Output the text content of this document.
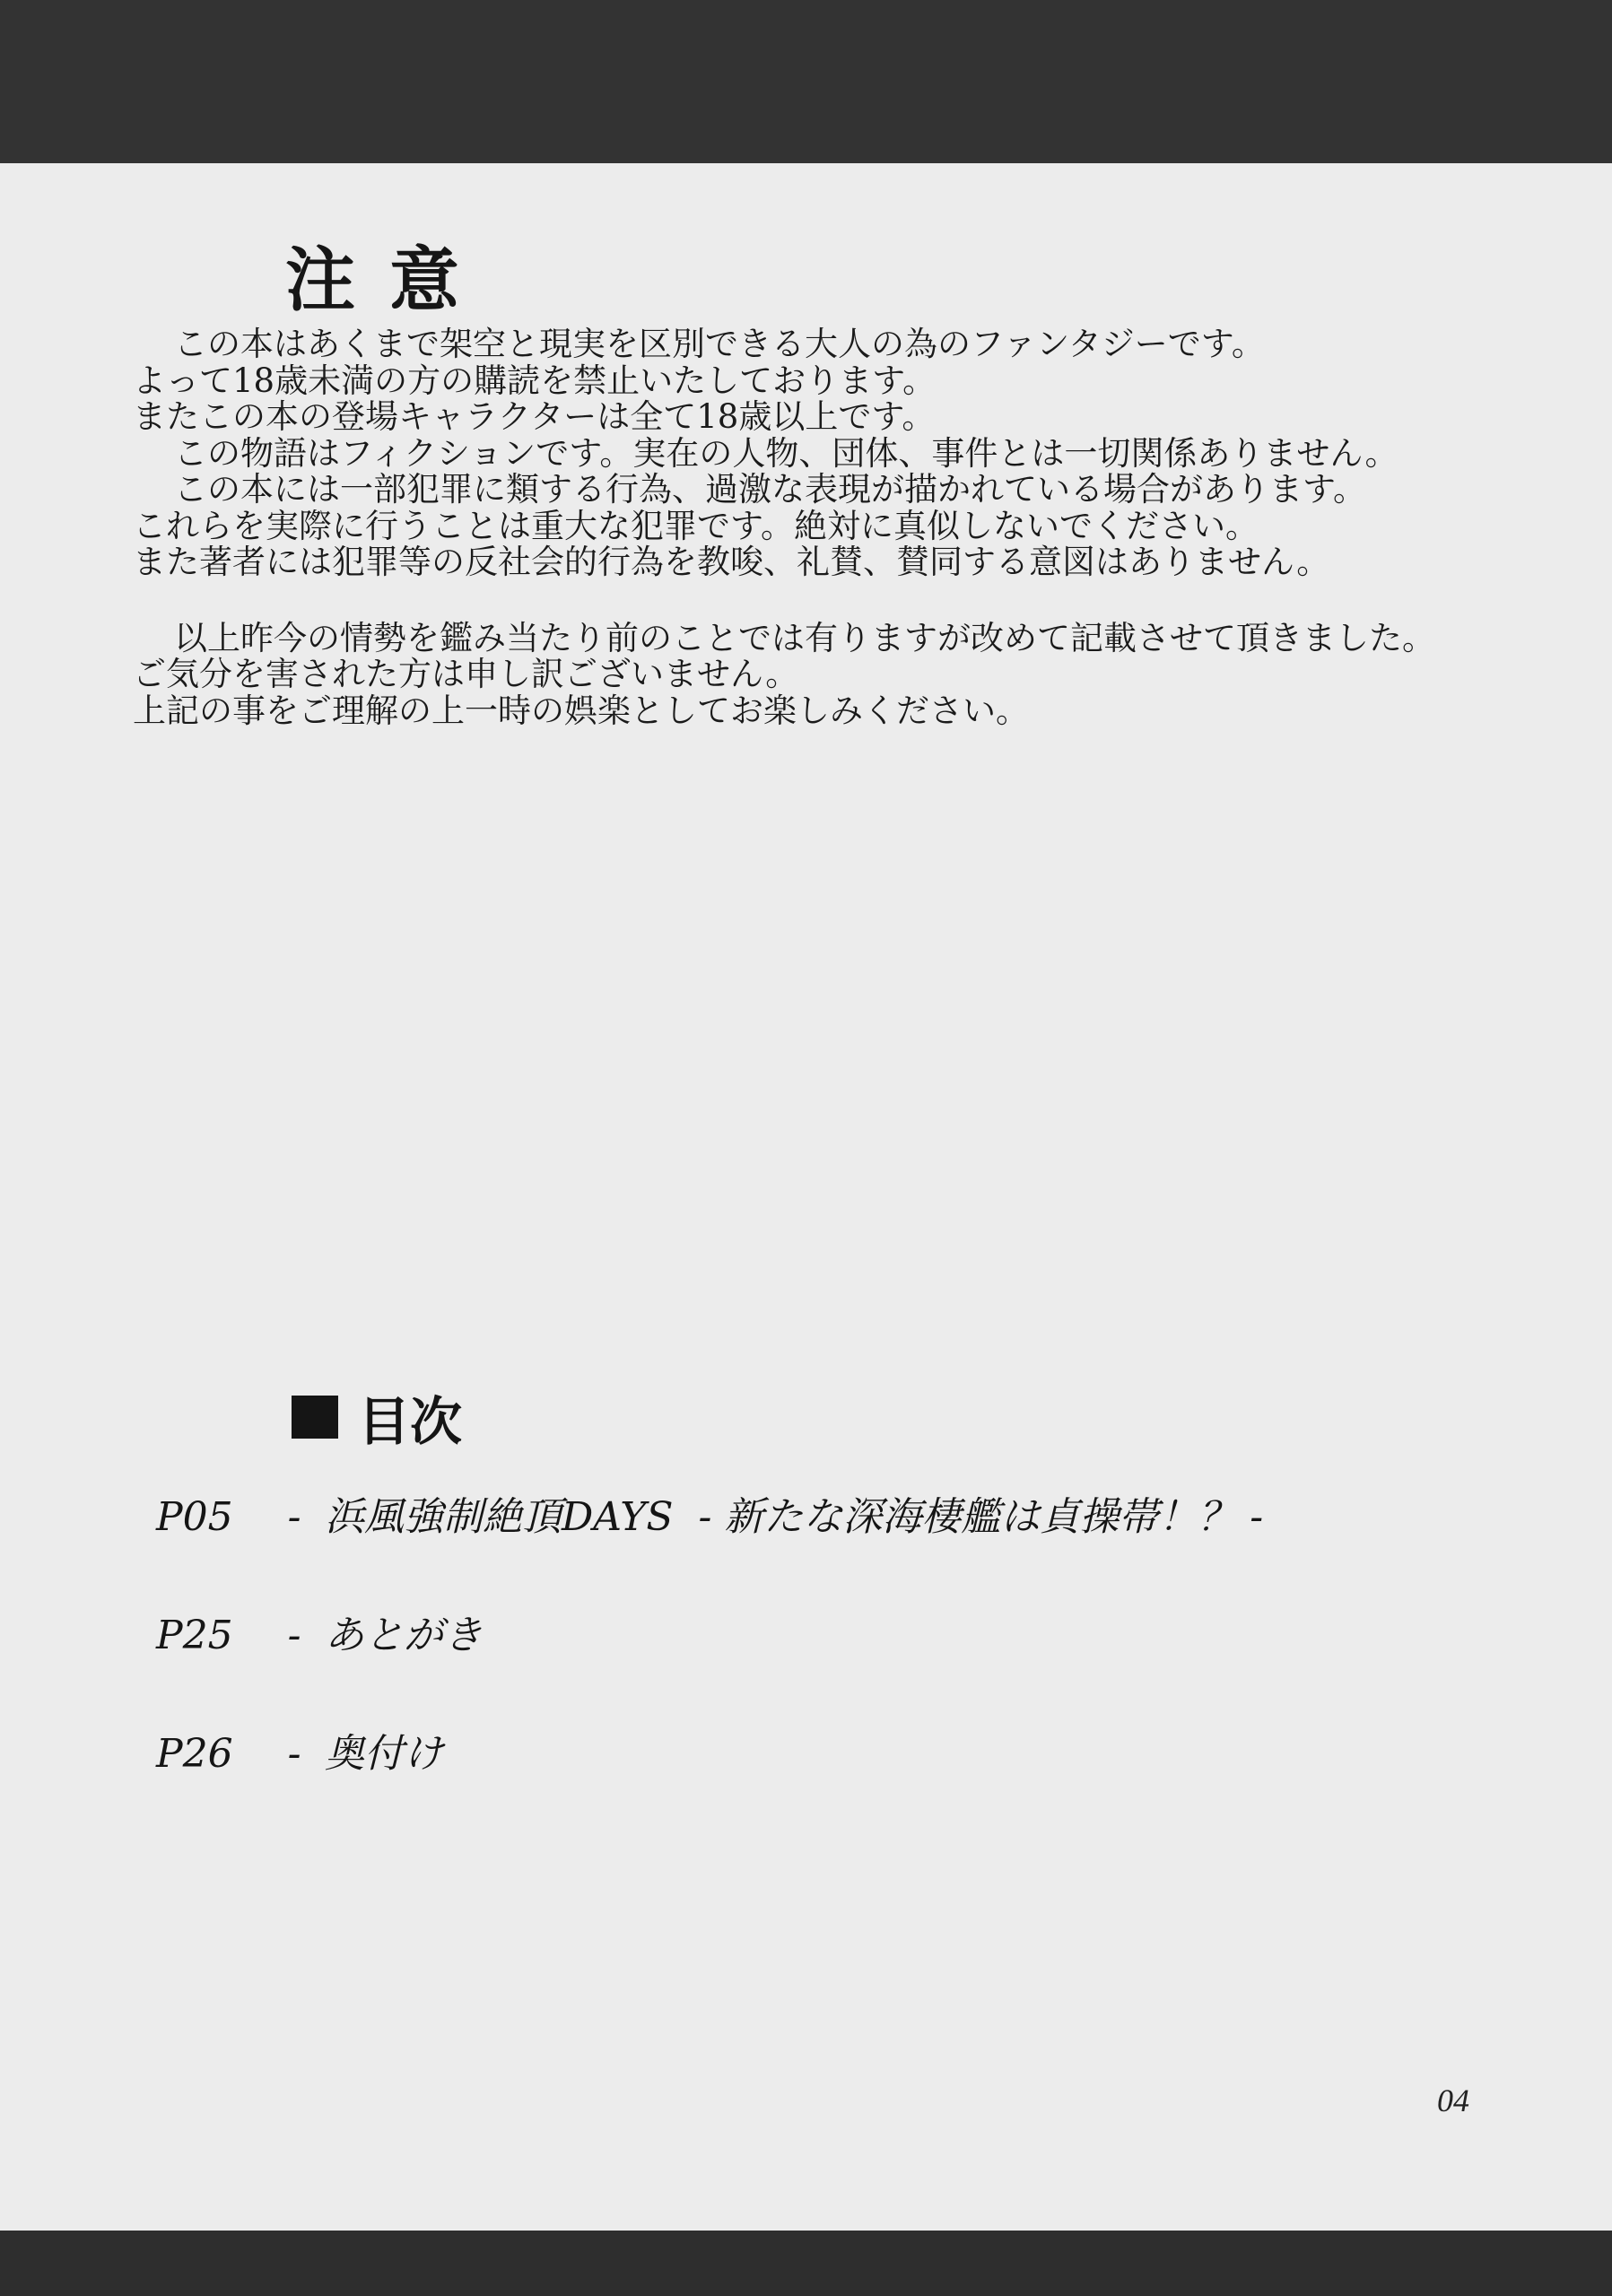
注意
この本はあくまで架空と現実を区別できる大人の為のファンタジーです。
よって18歳未満の方の購読を禁止いたしております。
またこの本の登場キャラクターは全て18歳以上です。
この物語はフィクションです。実在の人物、団体、事件とは一切関係ありません。
この本には一部犯罪に類する行為、過激な表現が描かれている場合があります。
これらを実際に行うことは重大な犯罪です。絶対に真似しないでください。
また著者には犯罪等の反社会的行為を教唆、礼賛、賛同する意図はありません。
以上昨今の情勢を鑑み当たり前のことでは有りますが改めて記載させて頂きました。
ご気分を害された方は申し訳ございません。
上記の事をご理解の上一時の娯楽としてお楽しみください。
目次
P05 - 浜風強制絶頂DAYS - 新たな深海棲艦は貞操帯！？ -
P25 - あとがき
P26 - 奥付け
04
